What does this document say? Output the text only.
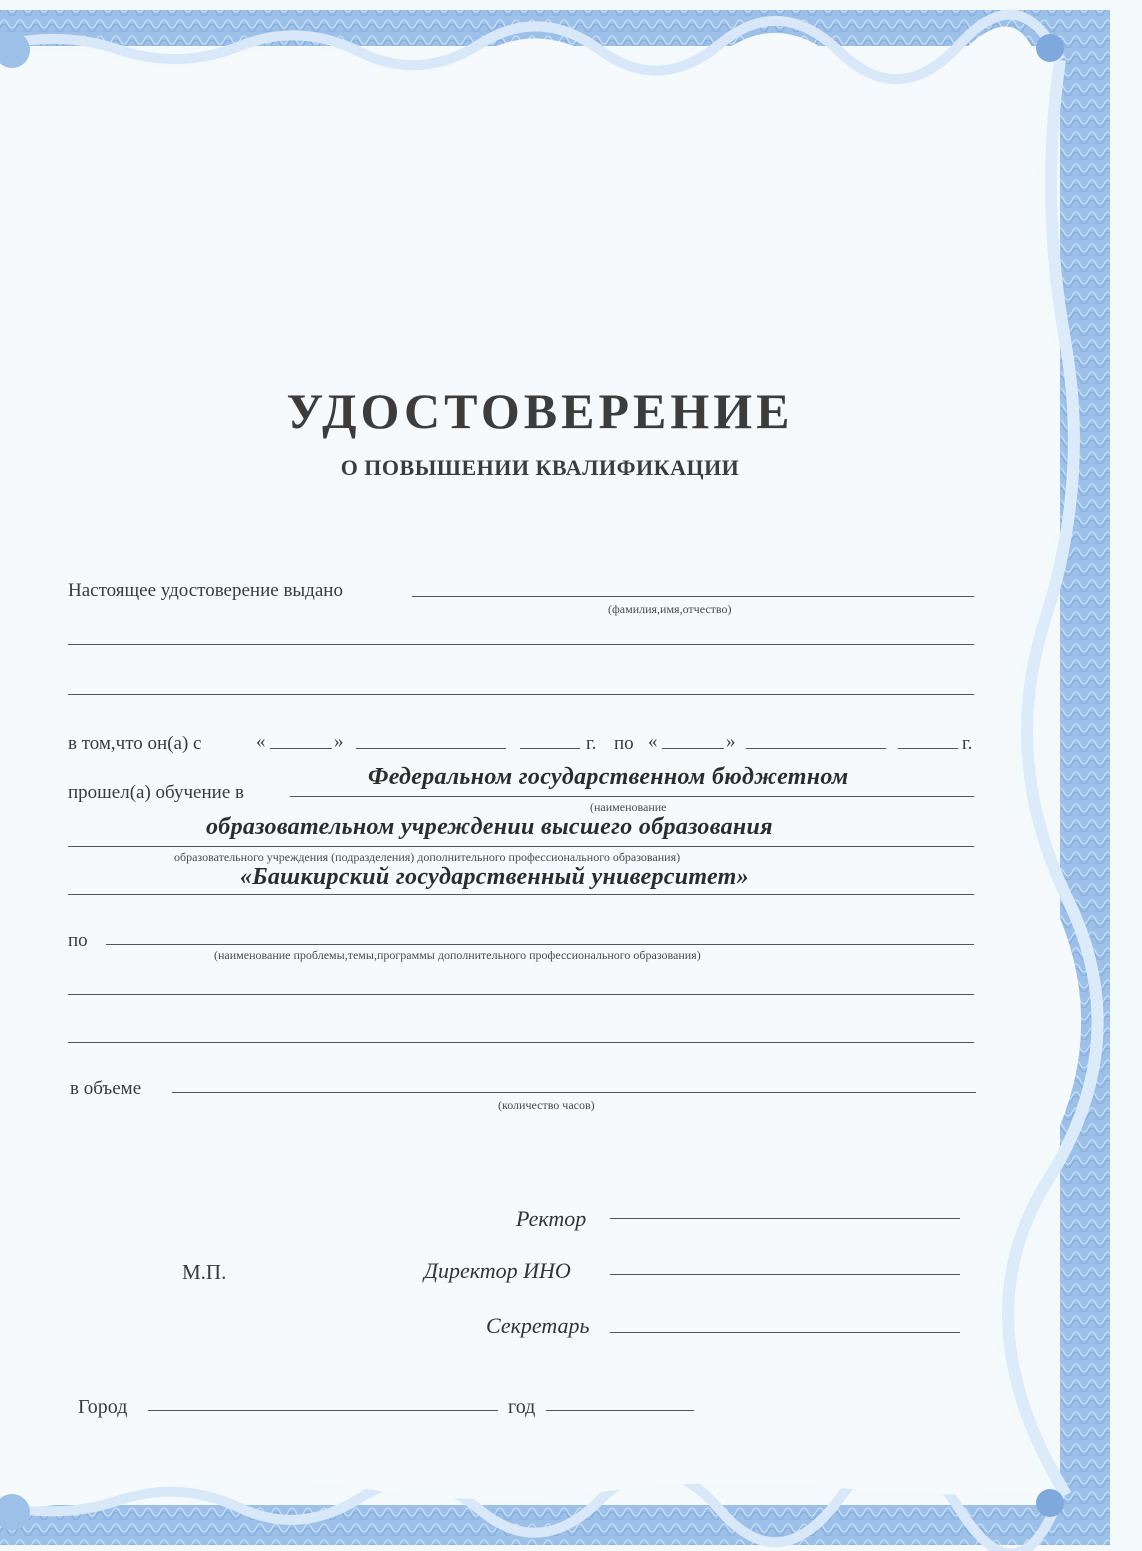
УДОСТОВЕРЕНИЕ
О ПОВЫШЕНИИ КВАЛИФИКАЦИИ
Настоящее удостоверение выдано
(фамилия,имя,отчество)
в том,что он(а) с	«	»	г. по «	»	г.
прошел(а) обучение в
Федеральном государственном бюджетном
(наименование
образовательном учреждении высшего образования
образовательного учреждения (подразделения) дополнительного профессионального образования)
«Башкирский государственный университет»
по
(наименование проблемы,темы,программы дополнительного профессионального образования)
в объеме
(количество часов)
Ректор
М.П.	Директор ИНО
Секретарь
Город	год
